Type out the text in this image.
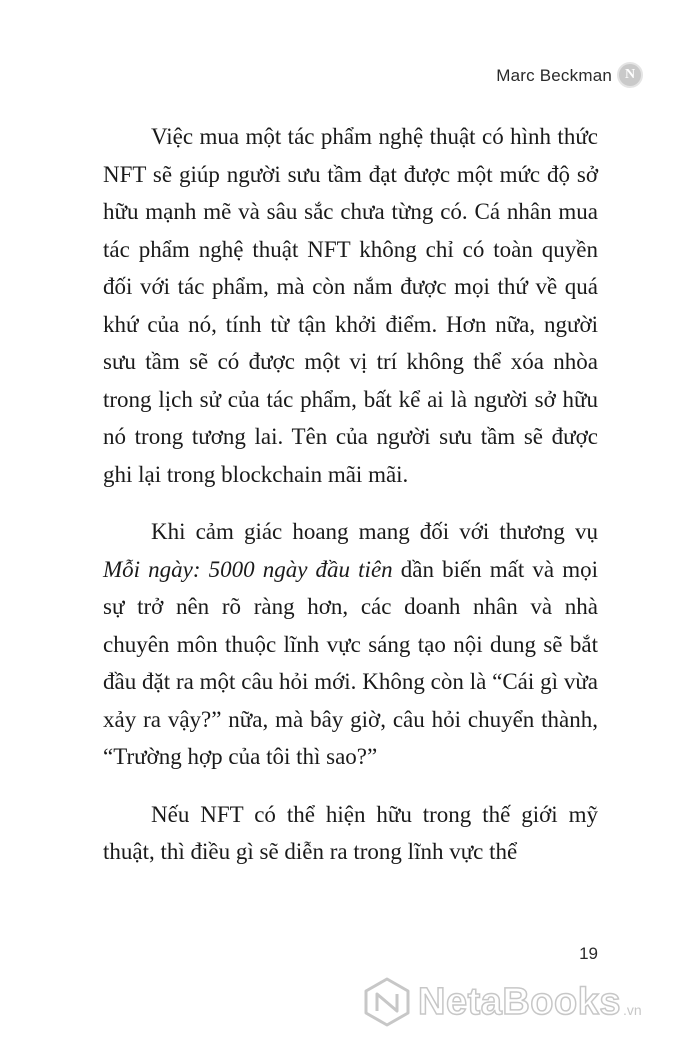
Marc Beckman N

Việc mua một tác phẩm nghệ thuật có hình thức NFT sẽ giúp người sưu tầm đạt được một mức độ sở hữu mạnh mẽ và sâu sắc chưa từng có. Cá nhân mua tác phẩm nghệ thuật NFT không chỉ có toàn quyền đối với tác phẩm, mà còn nắm được mọi thứ về quá khứ của nó, tính từ tận khởi điểm. Hơn nữa, người sưu tầm sẽ có được một vị trí không thể xóa nhòa trong lịch sử của tác phẩm, bất kể ai là người sở hữu nó trong tương lai. Tên của người sưu tầm sẽ được ghi lại trong blockchain mãi mãi.

Khi cảm giác hoang mang đối với thương vụ Mỗi ngày: 5000 ngày đầu tiên dần biến mất và mọi sự trở nên rõ ràng hơn, các doanh nhân và nhà chuyên môn thuộc lĩnh vực sáng tạo nội dung sẽ bắt đầu đặt ra một câu hỏi mới. Không còn là “Cái gì vừa xảy ra vậy?” nữa, mà bây giờ, câu hỏi chuyển thành, “Trường hợp của tôi thì sao?”

Nếu NFT có thể hiện hữu trong thế giới mỹ thuật, thì điều gì sẽ diễn ra trong lĩnh vực thể

19
NetaBooks .vn
